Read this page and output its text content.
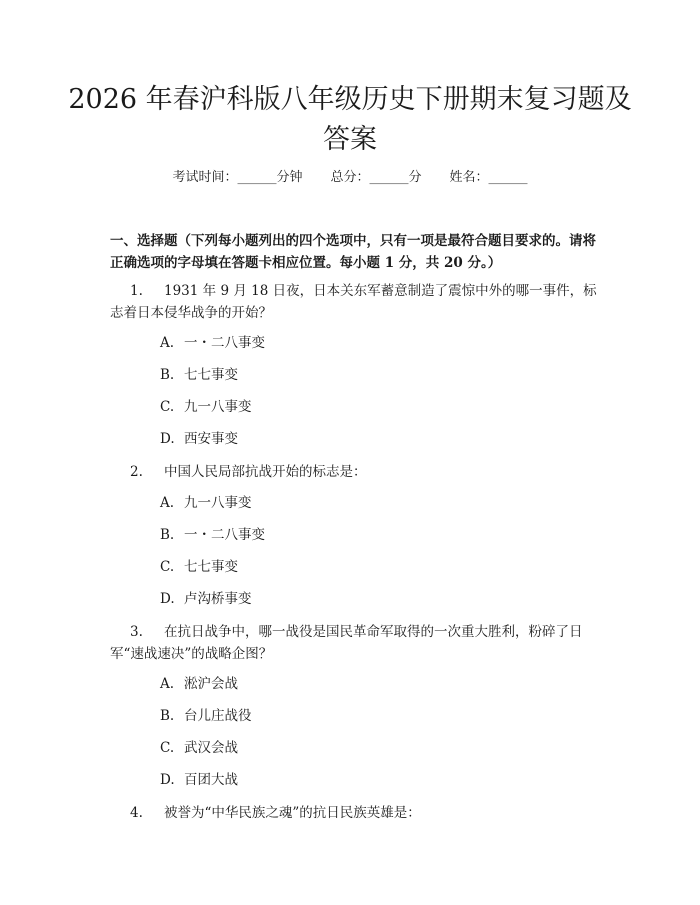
2026 年春沪科版八年级历史下册期末复习题及答案
考试时间：______分钟 总分：______分 姓名：______
一、选择题（下列每小题列出的四个选项中，只有一项是最符合题目要求的。请将正确选项的字母填在答题卡相应位置。每小题 1 分，共 20 分。）
1. 1931 年 9 月 18 日夜，日本关东军蓄意制造了震惊中外的哪一事件，标志着日本侵华战争的开始？
A. 一・二八事变
B. 七七事变
C. 九一八事变
D. 西安事变
2. 中国人民局部抗战开始的标志是：
A. 九一八事变
B. 一・二八事变
C. 七七事变
D. 卢沟桥事变
3. 在抗日战争中，哪一战役是国民革命军取得的一次重大胜利，粉碎了日军“速战速决”的战略企图？
A. 淞沪会战
B. 台儿庄战役
C. 武汉会战
D. 百团大战
4. 被誉为“中华民族之魂”的抗日民族英雄是：
